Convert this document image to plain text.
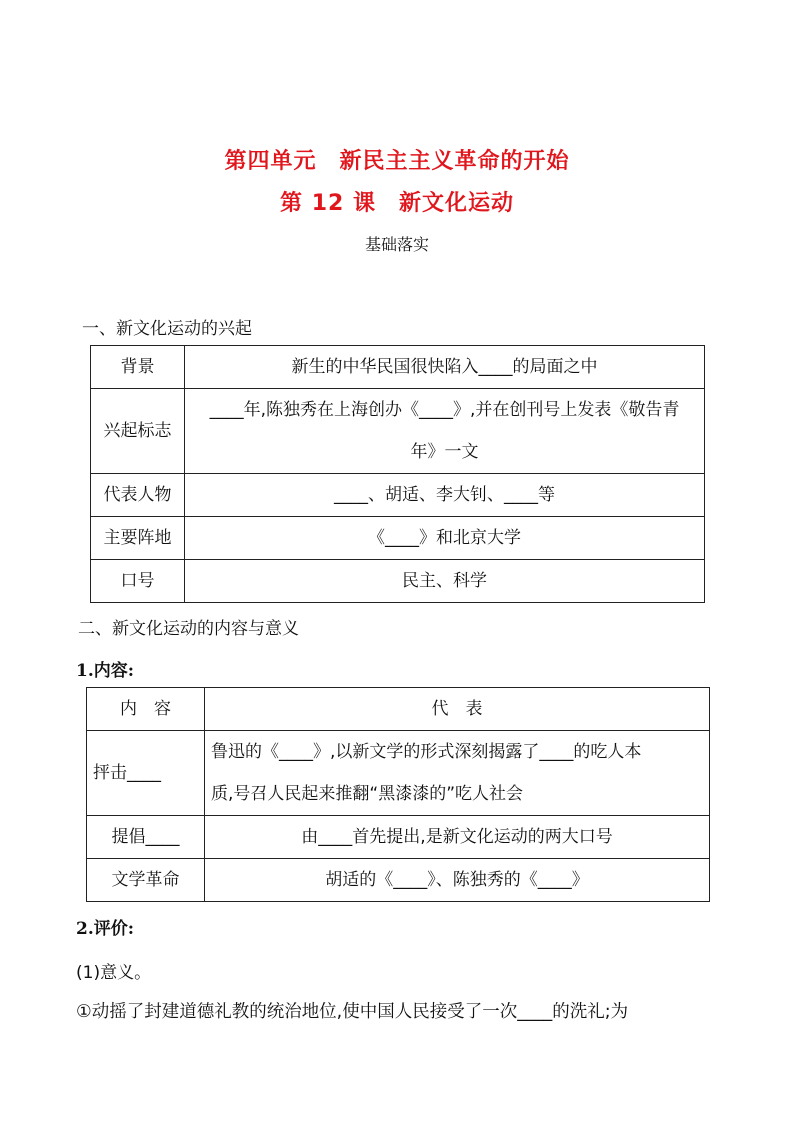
第四单元　新民主主义革命的开始
第 12 课　新文化运动
基础落实
一、新文化运动的兴起
背景	新生的中华民国很快陷入____的局面之中
兴起标志	____年,陈独秀在上海创办《____》,并在创刊号上发表《敬告青
年》一文

代表人物	____、胡适、李大钊、____等
主要阵地	《____》和北京大学
口号	民主、科学
二、新文化运动的内容与意义
1.内容:
内　容	代　表
抨击____	鲁迅的《____》,以新文学的形式深刻揭露了____的吃人本
质,号召人民起来推翻“黑漆漆的”吃人社会

提倡____	由____首先提出,是新文化运动的两大口号
文学革命	胡适的《____》、陈独秀的《____》
2.评价:
(1)意义。
①动摇了封建道德礼教的统治地位,使中国人民接受了一次____的洗礼;为
